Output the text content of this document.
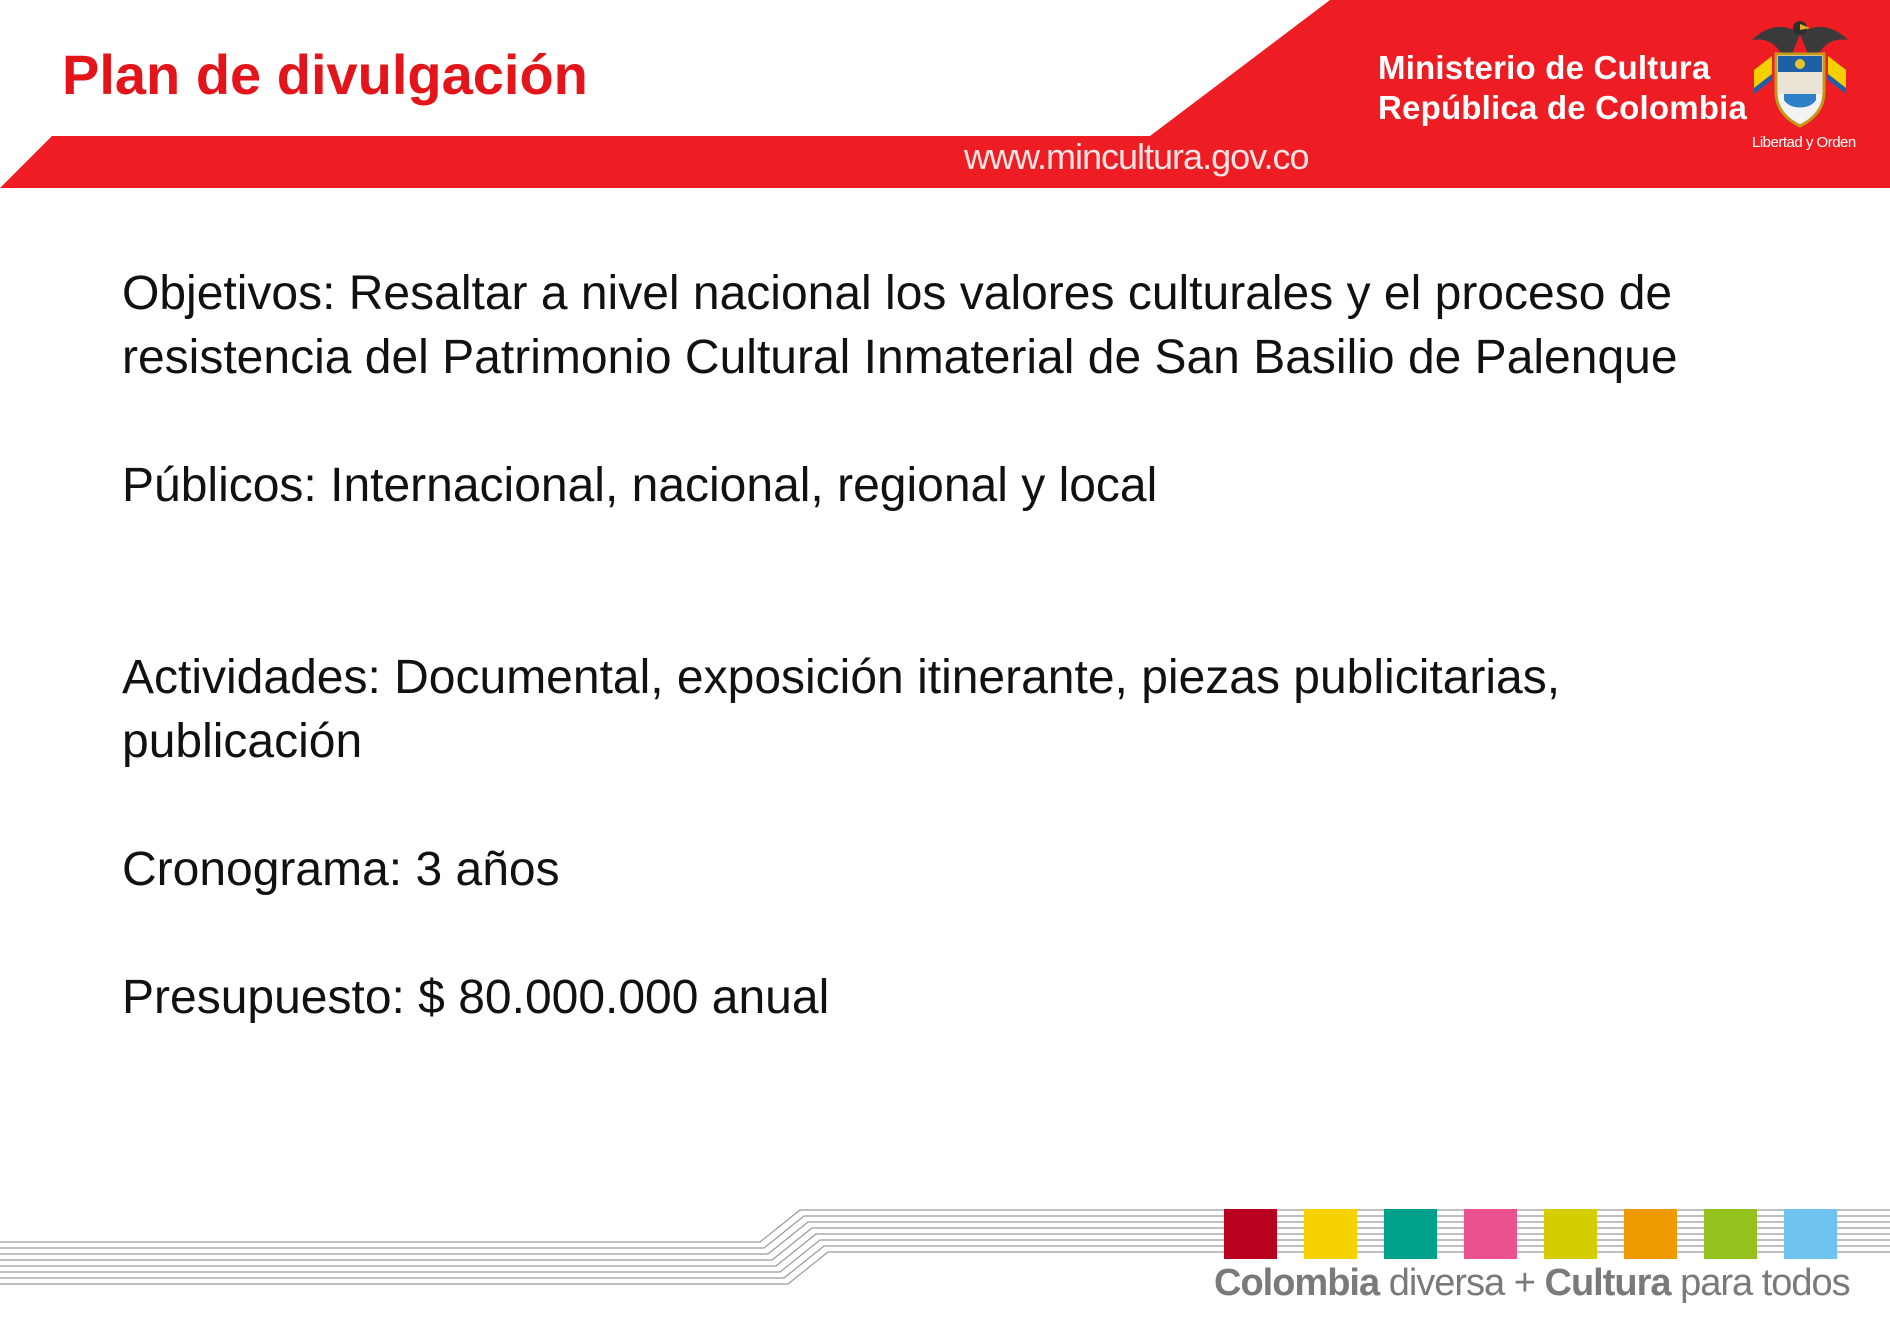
Plan de divulgación	Ministerio de Cultura
República de Colombia
www.mincultura.gov.co	Libertad y Orden

Objetivos: Resaltar a nivel nacional los valores culturales y el proceso de resistencia del Patrimonio Cultural Inmaterial de San Basilio de Palenque

Públicos: Internacional, nacional, regional y local

Actividades: Documental, exposición itinerante, piezas publicitarias, publicación

Cronograma: 3 años

Presupuesto: $ 80.000.000 anual

Colombia diversa + Cultura para todos
